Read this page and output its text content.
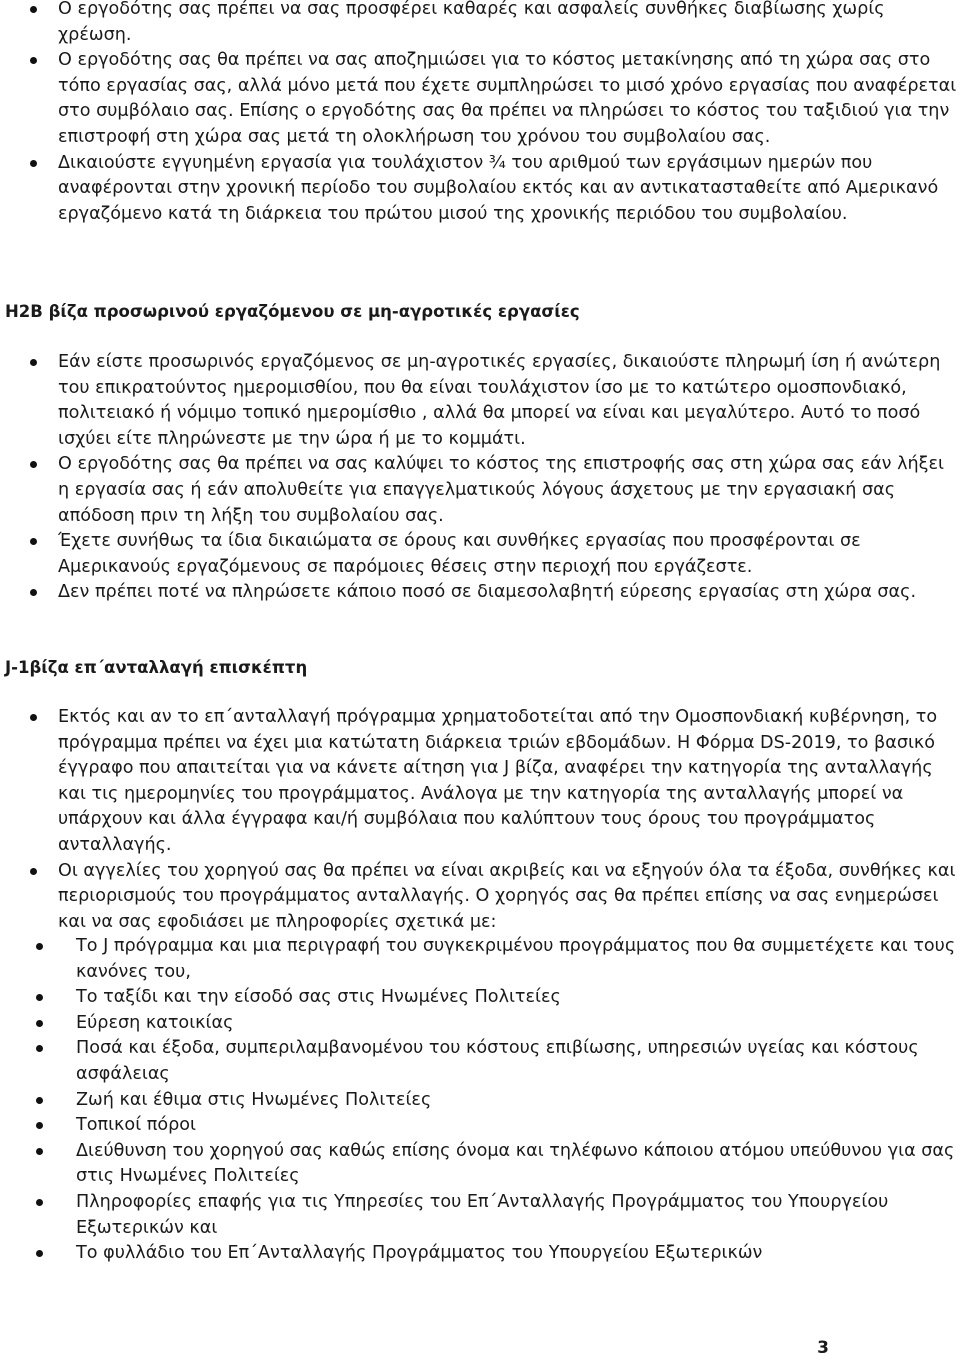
Ο εργοδότης σας πρέπει να σας προσφέρει καθαρές και ασφαλείς συνθήκες διαβίωσης χωρίς χρέωση.
Ο εργοδότης σας θα πρέπει να σας αποζημιώσει για το κόστος μετακίνησης από τη χώρα σας στο τόπο εργασίας σας, αλλά μόνο μετά που έχετε συμπληρώσει το μισό χρόνο εργασίας που αναφέρεται στο συμβόλαιο σας. Επίσης ο εργοδότης σας θα πρέπει να πληρώσει το κόστος του ταξιδιού για την επιστροφή στη χώρα σας μετά τη ολοκλήρωση του χρόνου του συμβολαίου σας.
Δικαιούστε εγγυημένη εργασία για τουλάχιστον ¾ του αριθμού των εργάσιμων ημερών που αναφέρονται στην χρονική περίοδο του συμβολαίου εκτός και αν αντικατασταθείτε από Αμερικανό εργαζόμενο κατά τη διάρκεια του πρώτου μισού της χρονικής περιόδου του συμβολαίου.
H2B βίζα προσωρινού εργαζόμενου σε μη-αγροτικές εργασίες
Εάν είστε προσωρινός εργαζόμενος σε μη-αγροτικές εργασίες, δικαιούστε πληρωμή ίση ή ανώτερη του επικρατούντος ημερομισθίου, που θα είναι τουλάχιστον ίσο με το κατώτερο ομοσπονδιακό, πολιτειακό ή νόμιμο τοπικό ημερομίσθιο , αλλά θα μπορεί να είναι και μεγαλύτερο. Αυτό το ποσό ισχύει είτε πληρώνεστε με την ώρα ή με το κομμάτι.
Ο εργοδότης σας θα πρέπει να σας καλύψει το κόστος της επιστροφής σας στη χώρα σας εάν λήξει η εργασία σας ή εάν απολυθείτε για επαγγελματικούς λόγους άσχετους με την εργασιακή σας απόδοση πριν τη λήξη του συμβολαίου σας.
Έχετε συνήθως τα ίδια δικαιώματα σε όρους και συνθήκες εργασίας που προσφέρονται σε Αμερικανούς εργαζόμενους σε παρόμοιες θέσεις στην περιοχή που εργάζεστε.
Δεν πρέπει ποτέ να πληρώσετε κάποιο ποσό σε διαμεσολαβητή εύρεσης εργασίας στη χώρα σας.
J-1βίζα επ΄ανταλλαγή επισκέπτη
Εκτός και αν το επ΄ανταλλαγή πρόγραμμα χρηματοδοτείται από την Ομοσπονδιακή κυβέρνηση, το πρόγραμμα πρέπει να έχει μια κατώτατη διάρκεια τριών εβδομάδων. Η Φόρμα DS-2019, το βασικό έγγραφο που απαιτείται για να κάνετε αίτηση για J βίζα, αναφέρει την κατηγορία της ανταλλαγής και τις ημερομηνίες του προγράμματος. Ανάλογα με την κατηγορία της ανταλλαγής μπορεί να υπάρχουν και άλλα έγγραφα και/ή συμβόλαια που καλύπτουν τους όρους του προγράμματος ανταλλαγής.
Οι αγγελίες του χορηγού σας θα πρέπει να είναι ακριβείς και να εξηγούν όλα τα έξοδα, συνθήκες και περιορισμούς του προγράμματος ανταλλαγής. Ο χορηγός σας θα πρέπει επίσης να σας ενημερώσει και να σας εφοδιάσει με πληροφορίες σχετικά με:
Το J πρόγραμμα και μια περιγραφή του συγκεκριμένου προγράμματος που θα συμμετέχετε και τους κανόνες του,
Το ταξίδι και την είσοδό σας στις Ηνωμένες Πολιτείες
Εύρεση κατοικίας
Ποσά και έξοδα, συμπεριλαμβανομένου του κόστους επιβίωσης, υπηρεσιών υγείας και κόστους ασφάλειας
Ζωή και έθιμα στις Ηνωμένες Πολιτείες
Τοπικοί πόροι
Διεύθυνση του χορηγού σας καθώς επίσης όνομα και τηλέφωνο κάποιου ατόμου υπεύθυνου για σας στις Ηνωμένες Πολιτείες
Πληροφορίες επαφής για τις Υπηρεσίες του Επ΄Ανταλλαγής Προγράμματος του Υπουργείου Εξωτερικών και
Το φυλλάδιο του Επ΄Ανταλλαγής Προγράμματος του Υπουργείου Εξωτερικών
3
